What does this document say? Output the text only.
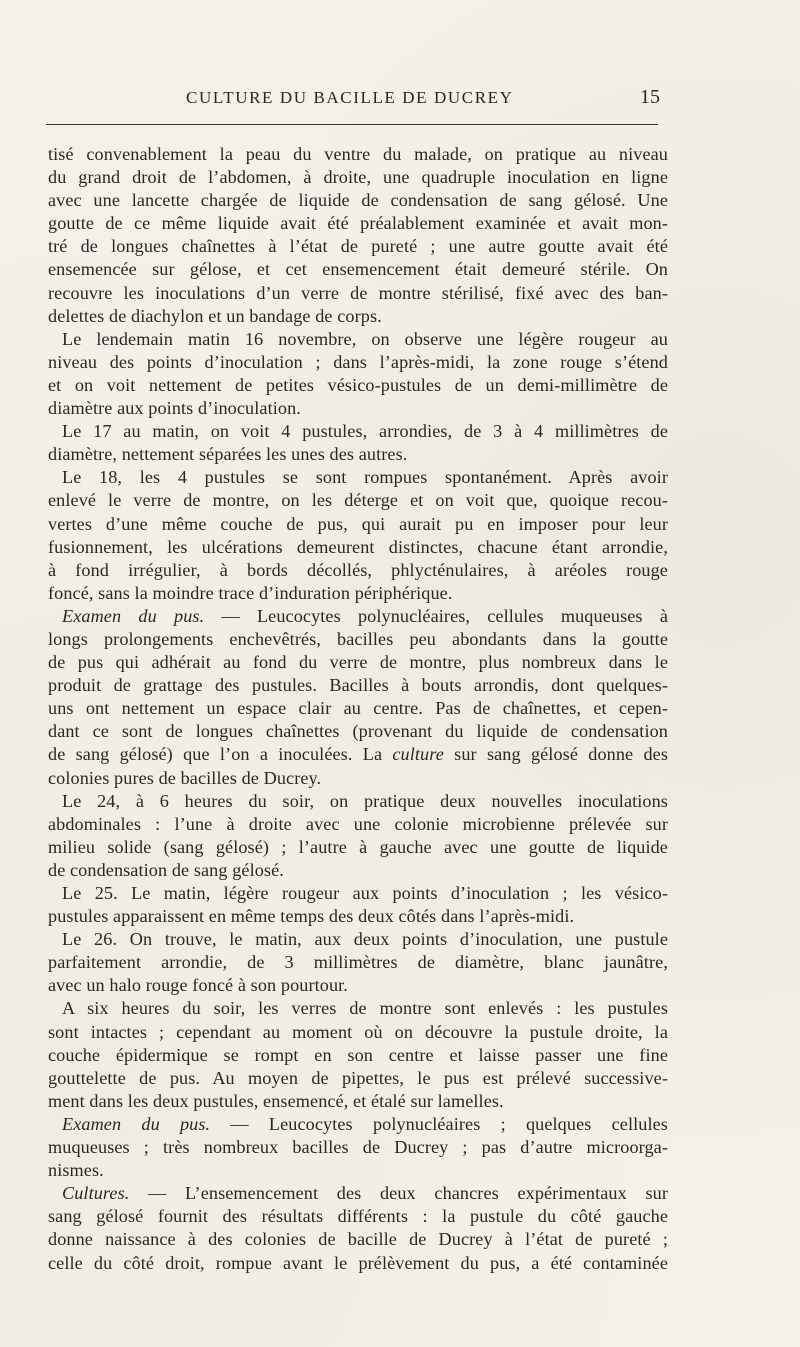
CULTURE DU BACILLE DE DUCREY	15
tisé convenablement la peau du ventre du malade, on pratique au niveau
du grand droit de l’abdomen, à droite, une quadruple inoculation en ligne
avec une lancette chargée de liquide de condensation de sang gélosé. Une
goutte de ce même liquide avait été préalablement examinée et avait mon-
tré de longues chaînettes à l’état de pureté ; une autre goutte avait été
ensemencée sur gélose, et cet ensemencement était demeuré stérile. On
recouvre les inoculations d’un verre de montre stérilisé, fixé avec des ban-
delettes de diachylon et un bandage de corps.
Le lendemain matin 16 novembre, on observe une légère rougeur au
niveau des points d’inoculation ; dans l’après-midi, la zone rouge s’étend
et on voit nettement de petites vésico-pustules de un demi-millimètre de
diamètre aux points d’inoculation.
Le 17 au matin, on voit 4 pustules, arrondies, de 3 à 4 millimètres de
diamètre, nettement séparées les unes des autres.
Le 18, les 4 pustules se sont rompues spontanément. Après avoir
enlevé le verre de montre, on les déterge et on voit que, quoique recou-
vertes d’une même couche de pus, qui aurait pu en imposer pour leur
fusionnement, les ulcérations demeurent distinctes, chacune étant arrondie,
à fond irrégulier, à bords décollés, phlycténulaires, à aréoles rouge
foncé, sans la moindre trace d’induration périphérique.
Examen du pus. — Leucocytes polynucléaires, cellules muqueuses à
longs prolongements enchevêtrés, bacilles peu abondants dans la goutte
de pus qui adhérait au fond du verre de montre, plus nombreux dans le
produit de grattage des pustules. Bacilles à bouts arrondis, dont quelques-
uns ont nettement un espace clair au centre. Pas de chaînettes, et cepen-
dant ce sont de longues chaînettes (provenant du liquide de condensation
de sang gélosé) que l’on a inoculées. La culture sur sang gélosé donne des
colonies pures de bacilles de Ducrey.
Le 24, à 6 heures du soir, on pratique deux nouvelles inoculations
abdominales : l’une à droite avec une colonie microbienne prélevée sur
milieu solide (sang gélosé) ; l’autre à gauche avec une goutte de liquide
de condensation de sang gélosé.
Le 25. Le matin, légère rougeur aux points d’inoculation ; les vésico-
pustules apparaissent en même temps des deux côtés dans l’après-midi.
Le 26. On trouve, le matin, aux deux points d’inoculation, une pustule
parfaitement arrondie, de 3 millimètres de diamètre, blanc jaunâtre,
avec un halo rouge foncé à son pourtour.
A six heures du soir, les verres de montre sont enlevés : les pustules
sont intactes ; cependant au moment où on découvre la pustule droite, la
couche épidermique se rompt en son centre et laisse passer une fine
gouttelette de pus. Au moyen de pipettes, le pus est prélevé successive-
ment dans les deux pustules, ensemencé, et étalé sur lamelles.
Examen du pus. — Leucocytes polynucléaires ; quelques cellules
muqueuses ; très nombreux bacilles de Ducrey ; pas d’autre microorga-
nismes.
Cultures. — L’ensemencement des deux chancres expérimentaux sur
sang gélosé fournit des résultats différents : la pustule du côté gauche
donne naissance à des colonies de bacille de Ducrey à l’état de pureté ;
celle du côté droit, rompue avant le prélèvement du pus, a été contaminée
